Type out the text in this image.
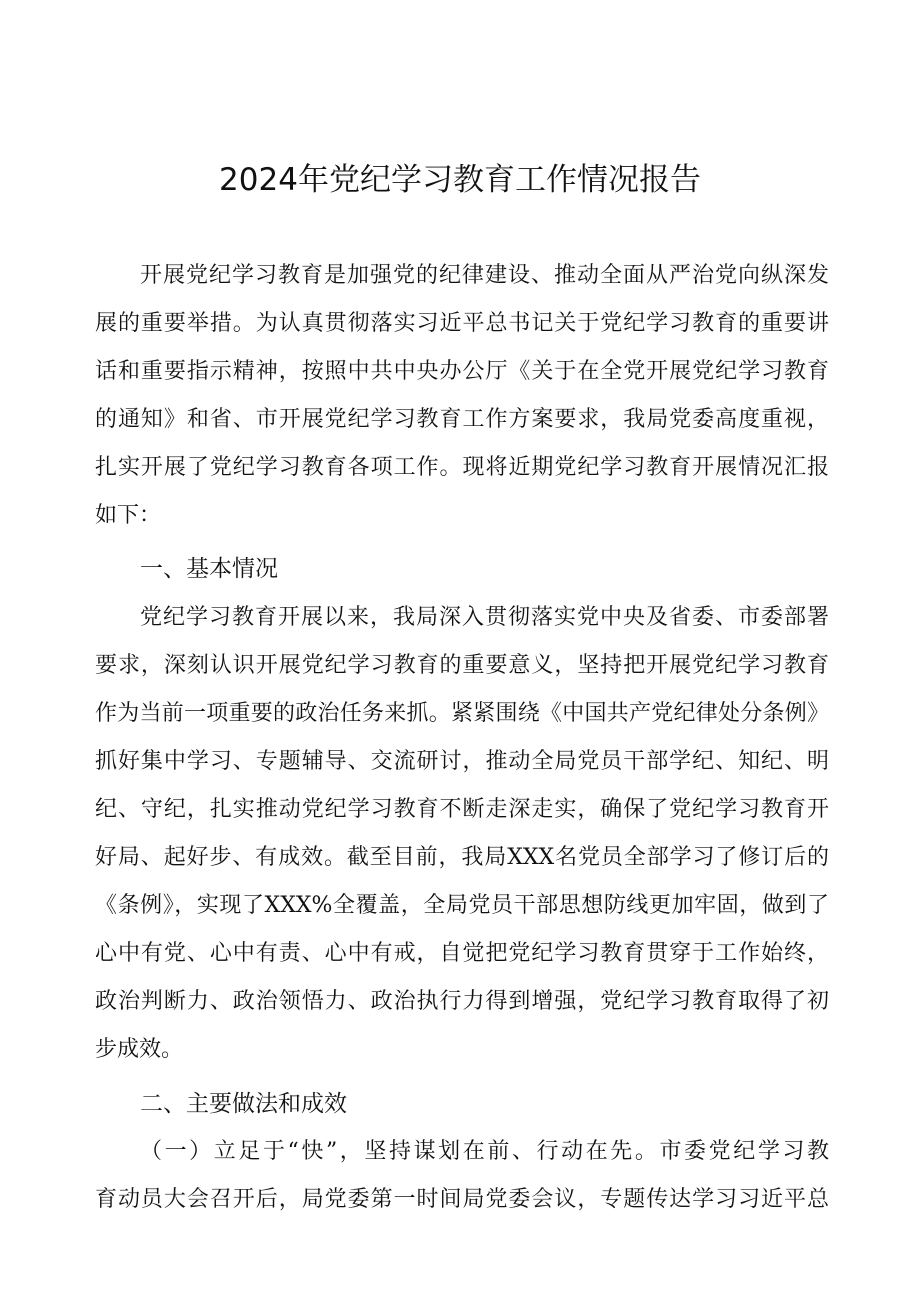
2024年党纪学习教育工作情况报告
开展党纪学习教育是加强党的纪律建设、推动全面从严治党向纵深发
展的重要举措。为认真贯彻落实习近平总书记关于党纪学习教育的重要讲
话和重要指示精神，按照中共中央办公厅《关于在全党开展党纪学习教育
的通知》和省、市开展党纪学习教育工作方案要求，我局党委高度重视，
扎实开展了党纪学习教育各项工作。现将近期党纪学习教育开展情况汇报
如下：
一、基本情况
党纪学习教育开展以来，我局深入贯彻落实党中央及省委、市委部署
要求，深刻认识开展党纪学习教育的重要意义，坚持把开展党纪学习教育
作为当前一项重要的政治任务来抓。紧紧围绕《中国共产党纪律处分条例》
抓好集中学习、专题辅导、交流研讨，推动全局党员干部学纪、知纪、明
纪、守纪，扎实推动党纪学习教育不断走深走实，确保了党纪学习教育开
好局、起好步、有成效。截至目前，我局XXX名党员全部学习了修订后的
《条例》，实现了XXX%全覆盖，全局党员干部思想防线更加牢固，做到了
心中有党、心中有责、心中有戒，自觉把党纪学习教育贯穿于工作始终，
政治判断力、政治领悟力、政治执行力得到增强，党纪学习教育取得了初
步成效。
二、主要做法和成效
（一）立足于“快”，坚持谋划在前、行动在先。市委党纪学习教
育动员大会召开后，局党委第一时间局党委会议，专题传达学习习近平总
